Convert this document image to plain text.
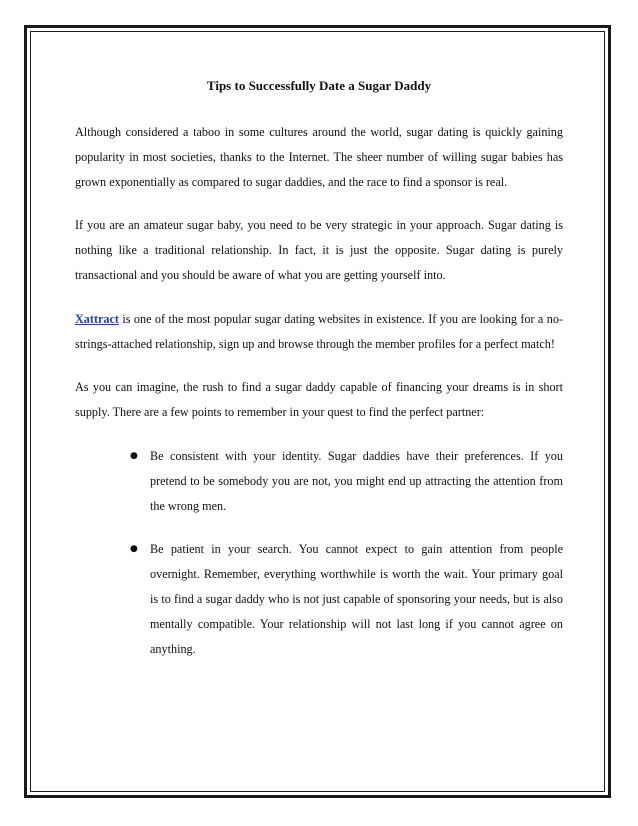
Tips to Successfully Date a Sugar Daddy

Although considered a taboo in some cultures around the world, sugar dating is quickly gaining popularity in most societies, thanks to the Internet. The sheer number of willing sugar babies has grown exponentially as compared to sugar daddies, and the race to find a sponsor is real.

If you are an amateur sugar baby, you need to be very strategic in your approach. Sugar dating is nothing like a traditional relationship. In fact, it is just the opposite. Sugar dating is purely transactional and you should be aware of what you are getting yourself into.

Xattract is one of the most popular sugar dating websites in existence. If you are looking for a no-strings-attached relationship, sign up and browse through the member profiles for a perfect match!

As you can imagine, the rush to find a sugar daddy capable of financing your dreams is in short supply. There are a few points to remember in your quest to find the perfect partner:

● Be consistent with your identity. Sugar daddies have their preferences. If you pretend to be somebody you are not, you might end up attracting the attention from the wrong men.
● Be patient in your search. You cannot expect to gain attention from people overnight. Remember, everything worthwhile is worth the wait. Your primary goal is to find a sugar daddy who is not just capable of sponsoring your needs, but is also mentally compatible. Your relationship will not last long if you cannot agree on anything.
